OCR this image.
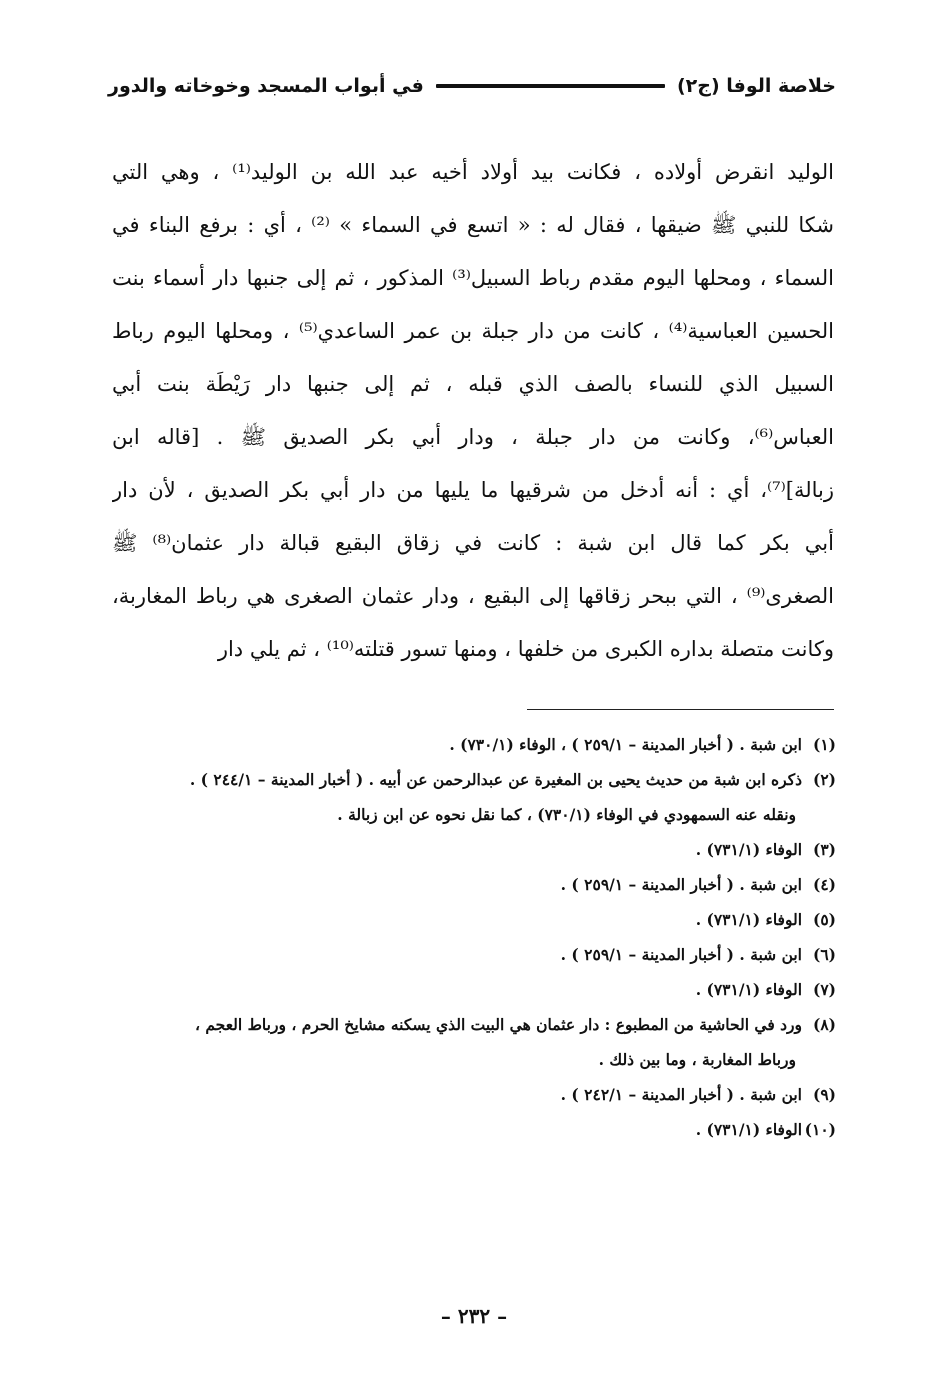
خلاصة الوفا (ج٢)
في أبواب المسجد وخوخاته والدور
الوليد انقرض أولاده ، فكانت بيد أولاد أخيه عبد الله بن الوليد⁽¹⁾ ، وهي التي
شكا للنبي ﷺ ضيقها ، فقال له : « اتسع في السماء » ⁽²⁾ ، أي : برفع البناء في
السماء ، ومحلها اليوم مقدم رباط السبيل⁽³⁾ المذكور ، ثم إلى جنبها دار أسماء بنت
الحسين العباسية⁽⁴⁾ ، كانت من دار جبلة بن عمر الساعدي⁽⁵⁾ ، ومحلها اليوم رباط
السبيل الذي للنساء بالصف الذي قبله ، ثم إلى جنبها دار رَيْطَة بنت أبي
العباس⁽⁶⁾، وكانت من دار جبلة ، ودار أبي بكر الصديق ﷺ . [قاله ابن
زبالة]⁽⁷⁾، أي : أنه أدخل من شرقيها ما يليها من دار أبي بكر الصديق ، لأن دار
أبي بكر كما قال ابن شبة : كانت في زقاق البقيع قبالة دار عثمان⁽⁸⁾ ﷺ
الصغرى⁽⁹⁾ ، التي ببحر زقاقها إلى البقيع ، ودار عثمان الصغرى هي رباط المغاربة،
وكانت متصلة بداره الكبرى من خلفها ، ومنها تسور قتلته⁽¹⁰⁾ ، ثم يلي دار
(١)ابن شبة . ( أخبار المدينة – ٢٥٩/١ ) ، الوفاء (٧٣٠/١) .
(٢)ذكره ابن شبة من حديث يحيى بن المغيرة عن عبدالرحمن عن أبيه . ( أخبار المدينة – ٢٤٤/١ ) .
ونقله عنه السمهودي في الوفاء (٧٣٠/١) ، كما نقل نحوه عن ابن زبالة .
(٣)الوفاء (٧٣١/١) .
(٤)ابن شبة . ( أخبار المدينة – ٢٥٩/١ ) .
(٥)الوفاء (٧٣١/١) .
(٦)ابن شبة . ( أخبار المدينة – ٢٥٩/١ ) .
(٧)الوفاء (٧٣١/١) .
(٨)ورد في الحاشية من المطبوع : دار عثمان هي البيت الذي يسكنه مشايخ الحرم ، ورباط العجم ،
ورباط المغاربة ، وما بين ذلك .
(٩)ابن شبة . ( أخبار المدينة – ٢٤٢/١ ) .
(١٠)الوفاء (٧٣١/١) .
– ٢٣٢ –
